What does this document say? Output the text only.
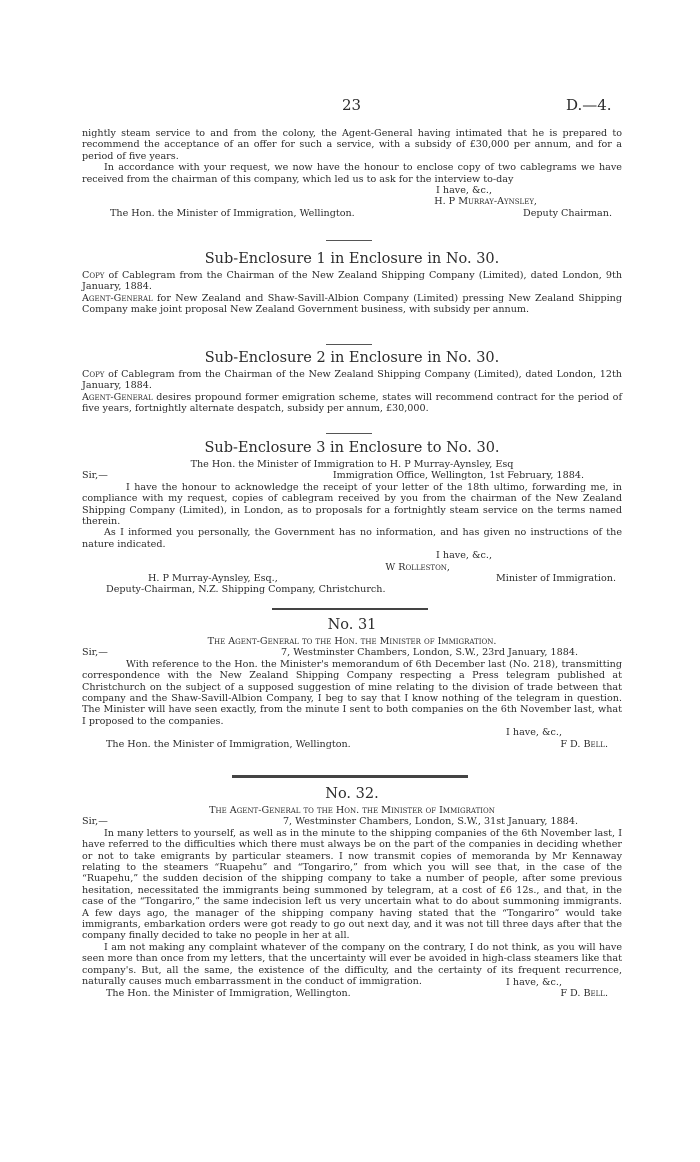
23	D.—4.

nightly steam service to and from the colony, the Agent-General having intimated that he is prepared to recommend the acceptance of an offer for such a service, with a subsidy of £30,000 per annum, and for a period of five years.

In accordance with your request, we now have the honour to enclose copy of two cablegrams we have received from the chairman of this company, which led us to ask for the interview to-day

I have, &c.,

H. P Murray-Aynsley,

The Hon. the Minister of Immigration, Wellington.	Deputy Chairman.

Sub-Enclosure 1 in Enclosure in No. 30.

Copy of Cablegram from the Chairman of the New Zealand Shipping Company (Limited), dated London, 9th January, 1884.

Agent-General for New Zealand and Shaw-Savill-Albion Company (Limited) pressing New Zealand Shipping Company make joint proposal New Zealand Government business, with subsidy per annum.

Sub-Enclosure 2 in Enclosure in No. 30.

Copy of Cablegram from the Chairman of the New Zealand Shipping Company (Limited), dated London, 12th January, 1884.

Agent-General desires propound former emigration scheme, states will recommend contract for the period of five years, fortnightly alternate despatch, subsidy per annum, £30,000.

Sub-Enclosure 3 in Enclosure to No. 30.

The Hon. the Minister of Immigration to H. P Murray-Aynsley, Esq

Sir,—	Immigration Office, Wellington, 1st February, 1884.

I have the honour to acknowledge the receipt of your letter of the 18th ultimo, forwarding me, in compliance with my request, copies of cablegram received by you from the chairman of the New Zealand Shipping Company (Limited), in London, as to proposals for a fortnightly steam service on the terms named therein.

As I informed you personally, the Government has no information, and has given no instructions of the nature indicated.

I have, &c.,

W Rolleston,

H. P Murray-Aynsley, Esq.,	Minister of Immigration.

Deputy-Chairman, N.Z. Shipping Company, Christchurch.

No. 31

The Agent-General to the Hon. the Minister of Immigration.

Sir,—	7, Westminster Chambers, London, S.W., 23rd January, 1884.

With reference to the Hon. the Minister's memorandum of 6th December last (No. 218), transmitting correspondence with the New Zealand Shipping Company respecting a Press telegram published at Christchurch on the subject of a supposed suggestion of mine relating to the division of trade between that company and the Shaw-Savill-Albion Company, I beg to say that I know nothing of the telegram in question. The Minister will have seen exactly, from the minute I sent to both companies on the 6th November last, what I proposed to the companies.

I have, &c.,

The Hon. the Minister of Immigration, Wellington.	F D. Bell.

No. 32.

The Agent-General to the Hon. the Minister of Immigration

Sir,—	7, Westminster Chambers, London, S.W., 31st January, 1884.

In many letters to yourself, as well as in the minute to the shipping companies of the 6th November last, I have referred to the difficulties which there must always be on the part of the companies in deciding whether or not to take emigrants by particular steamers. I now transmit copies of memoranda by Mr Kennaway relating to the steamers “Ruapehu” and “Tongariro,” from which you will see that, in the case of the “Ruapehu,” the sudden decision of the shipping company to take a number of people, after some previous hesitation, necessitated the immigrants being summoned by telegram, at a cost of £6 12s., and that, in the case of the “Tongariro,” the same indecision left us very uncertain what to do about summoning immigrants. A few days ago, the manager of the shipping company having stated that the “Tongariro” would take immigrants, embarkation orders were got ready to go out next day, and it was not till three days after that the company finally decided to take no people in her at all.

I am not making any complaint whatever of the company on the contrary, I do not think, as you will have seen more than once from my letters, that the uncertainty will ever be avoided in high-class steamers like that company's. But, all the same, the existence of the difficulty, and the certainty of its frequent recurrence, naturally causes much embarrassment in the conduct of immigration.	I have, &c.,

The Hon. the Minister of Immigration, Wellington.	F D. Bell.
